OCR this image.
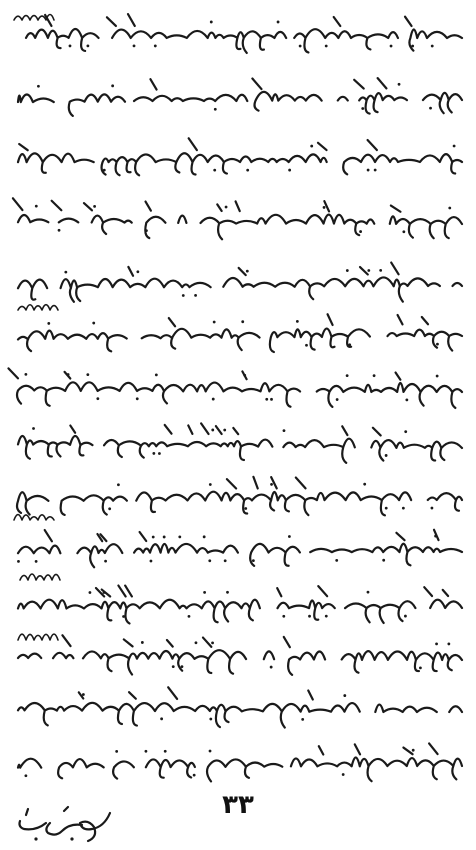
۳۳
